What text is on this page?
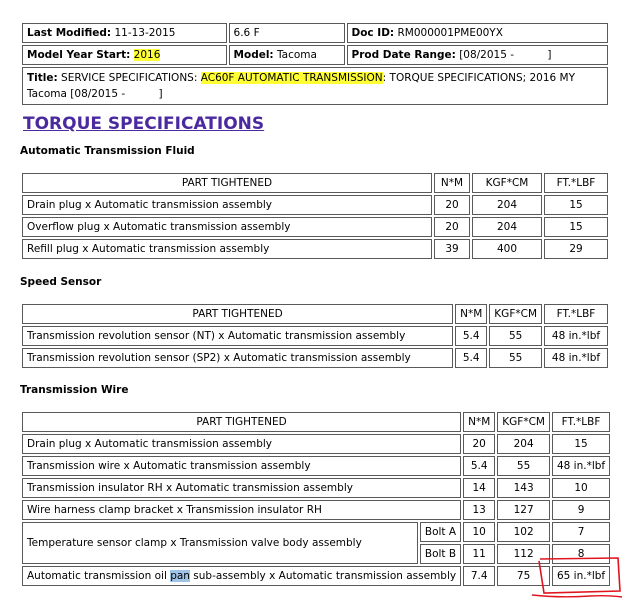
Last Modified: 11-13-2015	6.6 F	Doc ID: RM000001PME00YX
Model Year Start: 2016	Model: Tacoma	Prod Date Range: [08/2015 -          ]
Title: SERVICE SPECIFICATIONS: AC60F AUTOMATIC TRANSMISSION: TORQUE SPECIFICATIONS; 2016 MY Tacoma [08/2015 -          ]		
TORQUE SPECIFICATIONS

Automatic Transmission Fluid

PART TIGHTENED	N*M	KGF*CM	FT.*LBF
Drain plug x Automatic transmission assembly	20	204	15
Overflow plug x Automatic transmission assembly	20	204	15
Refill plug x Automatic transmission assembly	39	400	29

Speed Sensor

PART TIGHTENED	N*M	KGF*CM	FT.*LBF
Transmission revolution sensor (NT) x Automatic transmission assembly	5.4	55	48 in.*lbf
Transmission revolution sensor (SP2) x Automatic transmission assembly	5.4	55	48 in.*lbf

Transmission Wire

PART TIGHTENED		N*M	KGF*CM	FT.*LBF
Drain plug x Automatic transmission assembly		20	204	15
Transmission wire x Automatic transmission assembly		5.4	55	48 in.*lbf
Transmission insulator RH x Automatic transmission assembly		14	143	10
Wire harness clamp bracket x Transmission insulator RH		13	127	9
Temperature sensor clamp x Transmission valve body assembly	Bolt A	10	102	7
	Bolt B	11	112	8
Automatic transmission oil pan sub-assembly x Automatic transmission assembly		7.4	75	65 in.*lbf
